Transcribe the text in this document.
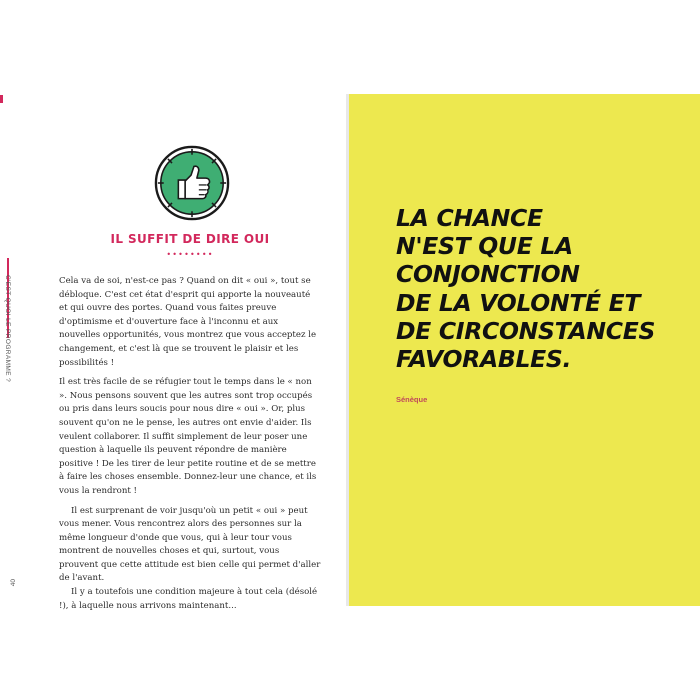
C'EST QUOI LE PROGRAMME ?
40
IL SUFFIT DE DIRE OUI
••••••••

Cela va de soi, n'est-ce pas ? Quand on dit « oui », tout se débloque. C'est cet état d'esprit qui apporte la nouveauté et qui ouvre des portes. Quand vous faites preuve d'optimisme et d'ouverture face à l'inconnu et aux nouvelles opportunités, vous montrez que vous acceptez le changement, et c'est là que se trouvent le plaisir et les possibilités !

Il est très facile de se réfugier tout le temps dans le « non ». Nous pensons souvent que les autres sont trop occupés ou pris dans leurs soucis pour nous dire « oui ». Or, plus souvent qu'on ne le pense, les autres ont envie d'aider. Ils veulent collaborer. Il suffit simplement de leur poser une question à laquelle ils peuvent répondre de manière positive ! De les tirer de leur petite routine et de se mettre à faire les choses ensemble. Donnez-leur une chance, et ils vous la rendront !

Il est surprenant de voir jusqu'où un petit « oui » peut vous mener. Vous rencontrez alors des personnes sur la même longueur d'onde que vous, qui à leur tour vous montrent de nouvelles choses et qui, surtout, vous prouvent que cette attitude est bien celle qui permet d'aller de l'avant.

Il y a toutefois une condition majeure à tout cela (désolé !), à laquelle nous arrivons maintenant...

LA CHANCE
N'EST QUE LA
CONJONCTION
DE LA VOLONTÉ ET
DE CIRCONSTANCES
FAVORABLES.
Sénèque
